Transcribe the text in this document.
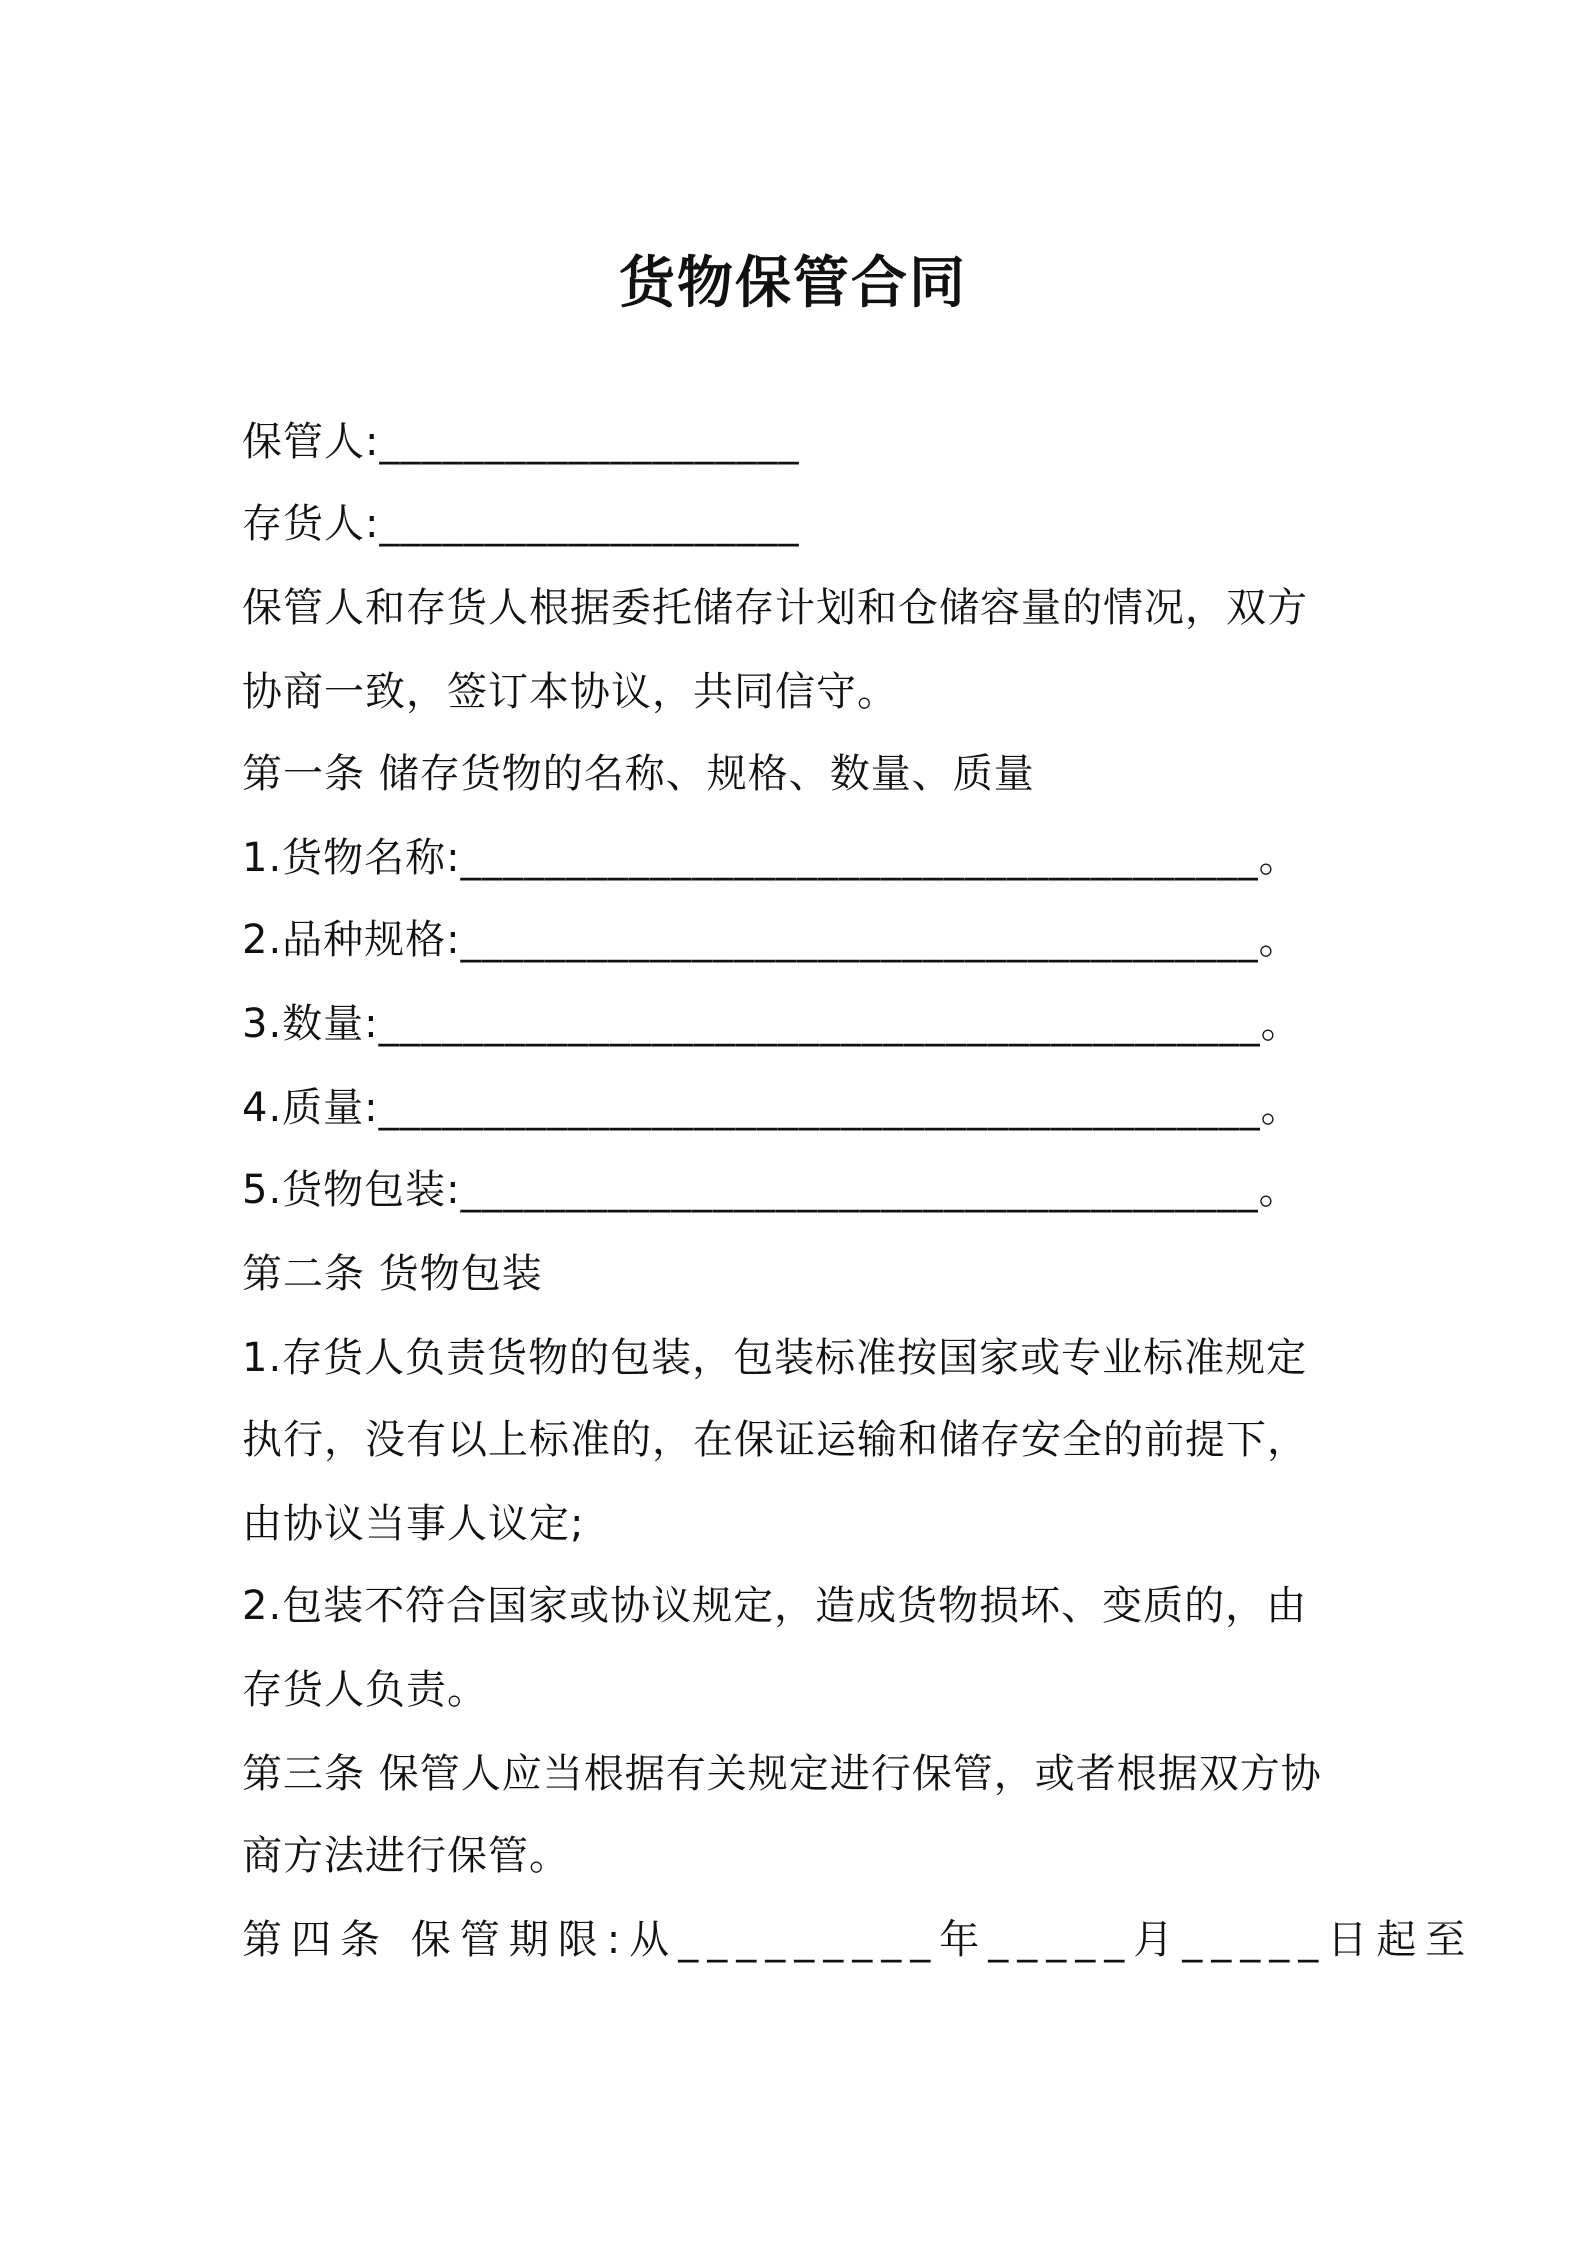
货物保管合同
保管人:____________________
存货人:____________________
保管人和存货人根据委托储存计划和仓储容量的情况，双方
协商一致，签订本协议，共同信守。
第一条 储存货物的名称、规格、数量、质量
1.货物名称:______________________________________。
2.品种规格:______________________________________。
3.数量:__________________________________________。
4.质量:__________________________________________。
5.货物包装:______________________________________。
第二条 货物包装
1.存货人负责货物的包装，包装标准按国家或专业标准规定
执行，没有以上标准的，在保证运输和储存安全的前提下，
由协议当事人议定;
2.包装不符合国家或协议规定，造成货物损坏、变质的，由
存货人负责。
第三条 保管人应当根据有关规定进行保管，或者根据双方协
商方法进行保管。
第四条 保管期限:从_________年_____月_____日起至
